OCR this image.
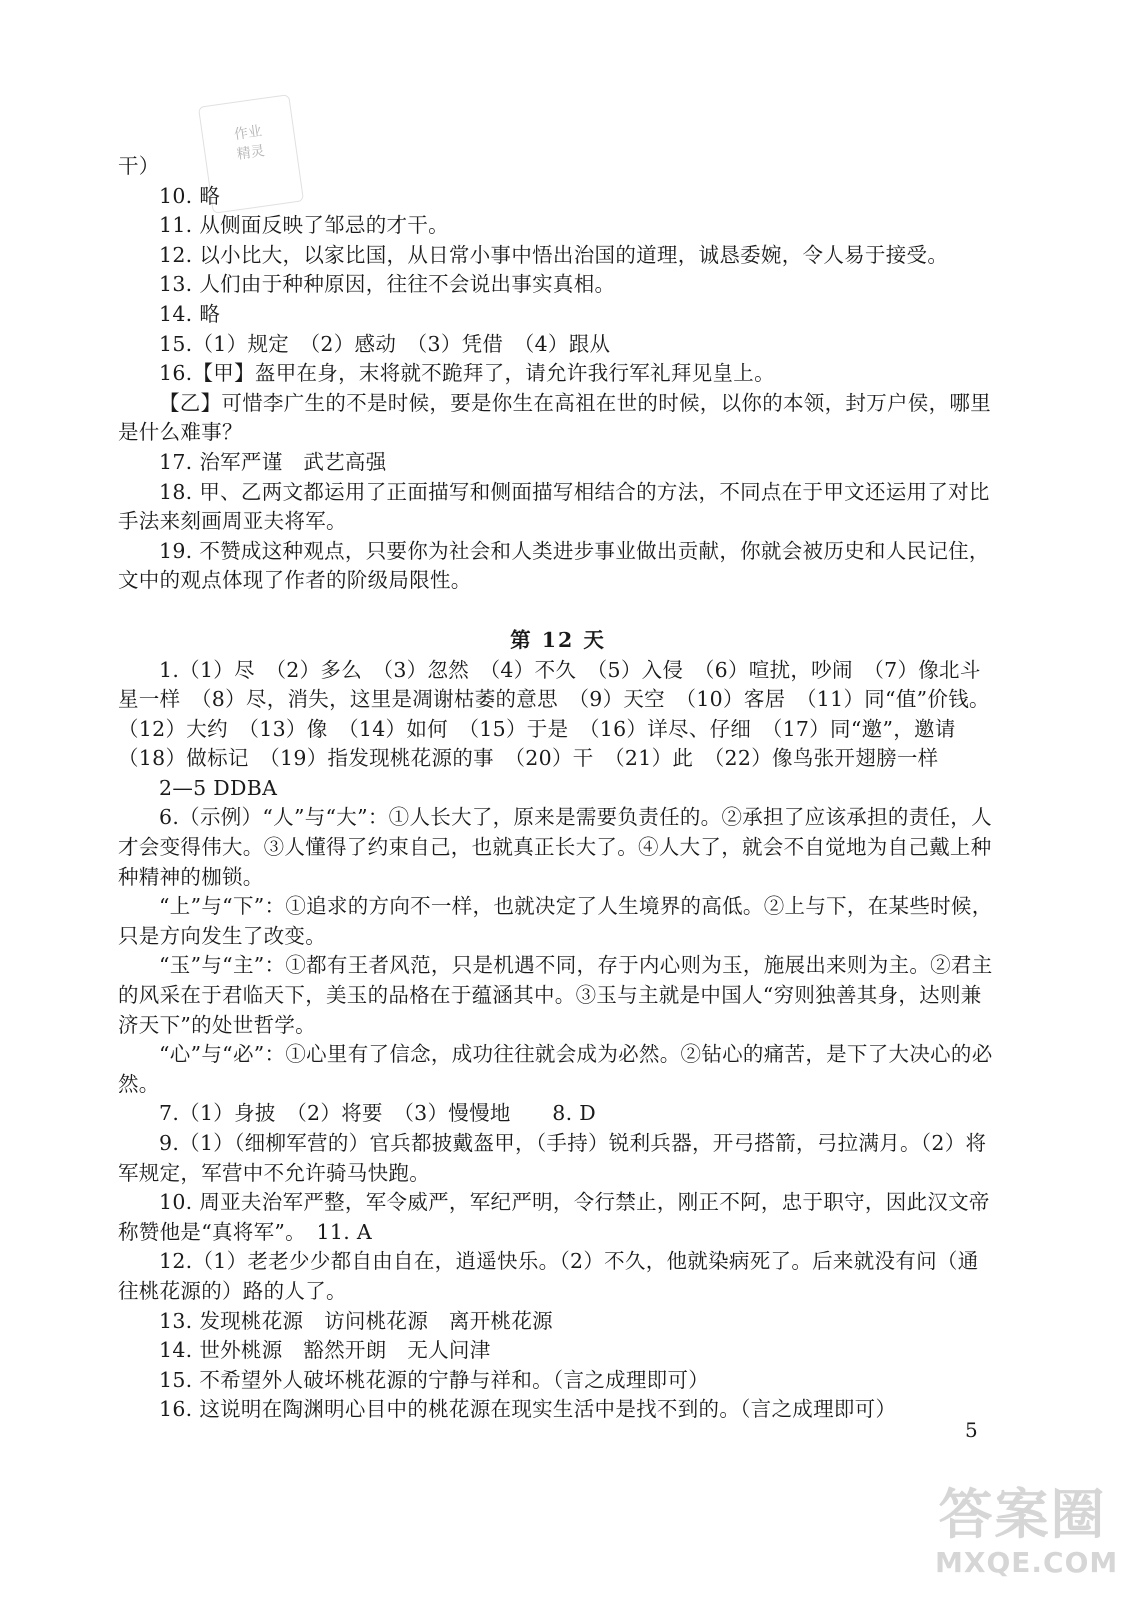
作业
精灵

干）

10. 略

11. 从侧面反映了邹忌的才干。

12. 以小比大，以家比国，从日常小事中悟出治国的道理，诚恳委婉，令人易于接受。

13. 人们由于种种原因，往往不会说出事实真相。

14. 略

15.（1）规定　（2）感动　（3）凭借　（4）跟从

16.【甲】盔甲在身，末将就不跪拜了，请允许我行军礼拜见皇上。

【乙】可惜李广生的不是时候，要是你生在高祖在世的时候，以你的本领，封万户侯，哪里是什么难事？

17. 治军严谨　武艺高强

18. 甲、乙两文都运用了正面描写和侧面描写相结合的方法，不同点在于甲文还运用了对比手法来刻画周亚夫将军。

19. 不赞成这种观点，只要你为社会和人类进步事业做出贡献，你就会被历史和人民记住，文中的观点体现了作者的阶级局限性。

第 12 天

1.（1）尽　（2）多么　（3）忽然　（4）不久　（5）入侵　（6）喧扰，吵闹　（7）像北斗星一样　（8）尽，消失，这里是凋谢枯萎的意思　（9）天空　（10）客居　（11）同“值”价钱。（12）大约　（13）像　（14）如何　（15）于是　（16）详尽、仔细　（17）同“邀”，邀请　（18）做标记　（19）指发现桃花源的事　（20）干　（21）此　（22）像鸟张开翅膀一样

2—5 DDBA

6.（示例）“人”与“大”：①人长大了，原来是需要负责任的。②承担了应该承担的责任，人才会变得伟大。③人懂得了约束自己，也就真正长大了。④人大了，就会不自觉地为自己戴上种种精神的枷锁。

“上”与“下”：①追求的方向不一样，也就决定了人生境界的高低。②上与下，在某些时候，只是方向发生了改变。

“玉”与“主”：①都有王者风范，只是机遇不同，存于内心则为玉，施展出来则为主。②君主的风采在于君临天下，美玉的品格在于蕴涵其中。③玉与主就是中国人“穷则独善其身，达则兼济天下”的处世哲学。

“心”与“必”：①心里有了信念，成功往往就会成为必然。②钻心的痛苦，是下了大决心的必然。

7.（1）身披　（2）将要　（3）慢慢地　　8. D

9.（1）（细柳军营的）官兵都披戴盔甲，（手持）锐利兵器，开弓搭箭，弓拉满月。（2）将军规定，军营中不允许骑马快跑。

10. 周亚夫治军严整，军令威严，军纪严明，令行禁止，刚正不阿，忠于职守，因此汉文帝称赞他是“真将军”。　11. A

12.（1）老老少少都自由自在，逍遥快乐。（2）不久，他就染病死了。后来就没有问（通往桃花源的）路的人了。

13. 发现桃花源　访问桃花源　离开桃花源

14. 世外桃源　豁然开朗　无人问津

15. 不希望外人破坏桃花源的宁静与祥和。（言之成理即可）

16. 这说明在陶渊明心目中的桃花源在现实生活中是找不到的。（言之成理即可）

5
答案圈
MXQE.COM
